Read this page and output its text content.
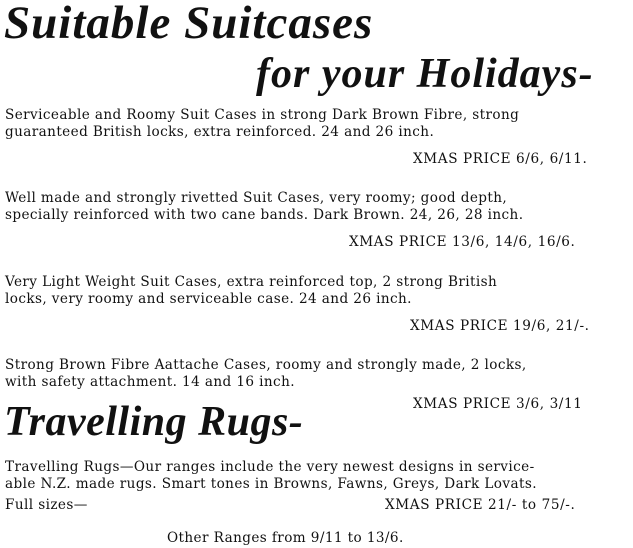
Suitable Suitcases
for your Holidays-
Serviceable and Roomy Suit Cases in strong Dark Brown Fibre, strong
guaranteed British locks, extra reinforced. 24 and 26 inch.
XMAS PRICE 6/6, 6/11.
Well made and strongly rivetted Suit Cases, very roomy; good depth,
specially reinforced with two cane bands. Dark Brown. 24, 26, 28 inch.
XMAS PRICE 13/6, 14/6, 16/6.
Very Light Weight Suit Cases, extra reinforced top, 2 strong British
locks, very roomy and serviceable case. 24 and 26 inch.
XMAS PRICE 19/6, 21/-.
Strong Brown Fibre Aattache Cases, roomy and strongly made, 2 locks,
with safety attachment. 14 and 16 inch.
XMAS PRICE 3/6, 3/11
Travelling Rugs-
Travelling Rugs—Our ranges include the very newest designs in service-
able N.Z. made rugs. Smart tones in Browns, Fawns, Greys, Dark Lovats.
Full sizes—	XMAS PRICE 21/- to 75/-.
Other Ranges from 9/11 to 13/6.
